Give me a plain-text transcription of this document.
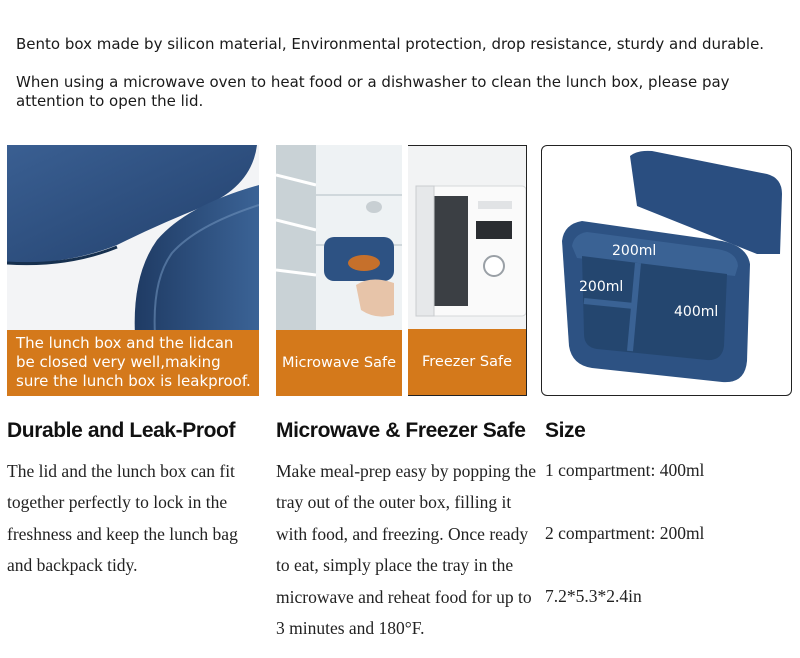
Bento box made by silicon material, Environmental protection, drop resistance, sturdy and durable.
When using a microwave oven to heat food or a dishwasher to clean the lunch box, please pay attention to open the lid.
The lunch box and the lidcan be closed very well,making sure the lunch box is leakproof.
Microwave Safe	Freezer Safe
200ml
200ml
400ml
Durable and Leak-Proof Microwave & Freezer Safe Size
The lid and the lunch box can fit together perfectly to lock in the freshness and keep the lunch bag and backpack tidy.
Make meal-prep easy by popping the tray out of the outer box, filling it with food, and freezing. Once ready to eat, simply place the tray in the microwave and reheat food for up to 3 minutes and 180°F.
1 compartment: 400ml
2 compartment: 200ml
7.2*5.3*2.4in
